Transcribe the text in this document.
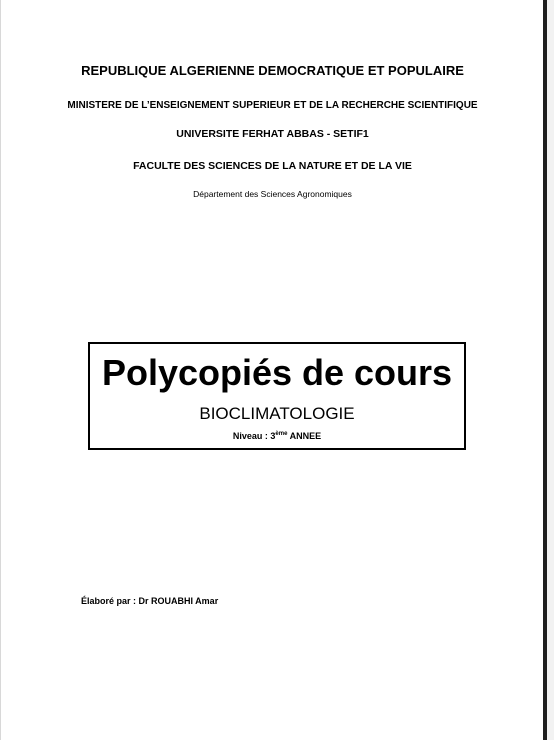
REPUBLIQUE ALGERIENNE DEMOCRATIQUE ET POPULAIRE
MINISTERE DE L’ENSEIGNEMENT SUPERIEUR ET DE LA RECHERCHE SCIENTIFIQUE
UNIVERSITE FERHAT ABBAS - SETIF1
FACULTE DES SCIENCES DE LA NATURE ET DE LA VIE
Département des Sciences Agronomiques
Polycopiés de cours
BIOCLIMATOLOGIE
Niveau : 3ème ANNEE
Élaboré par : Dr ROUABHI Amar
